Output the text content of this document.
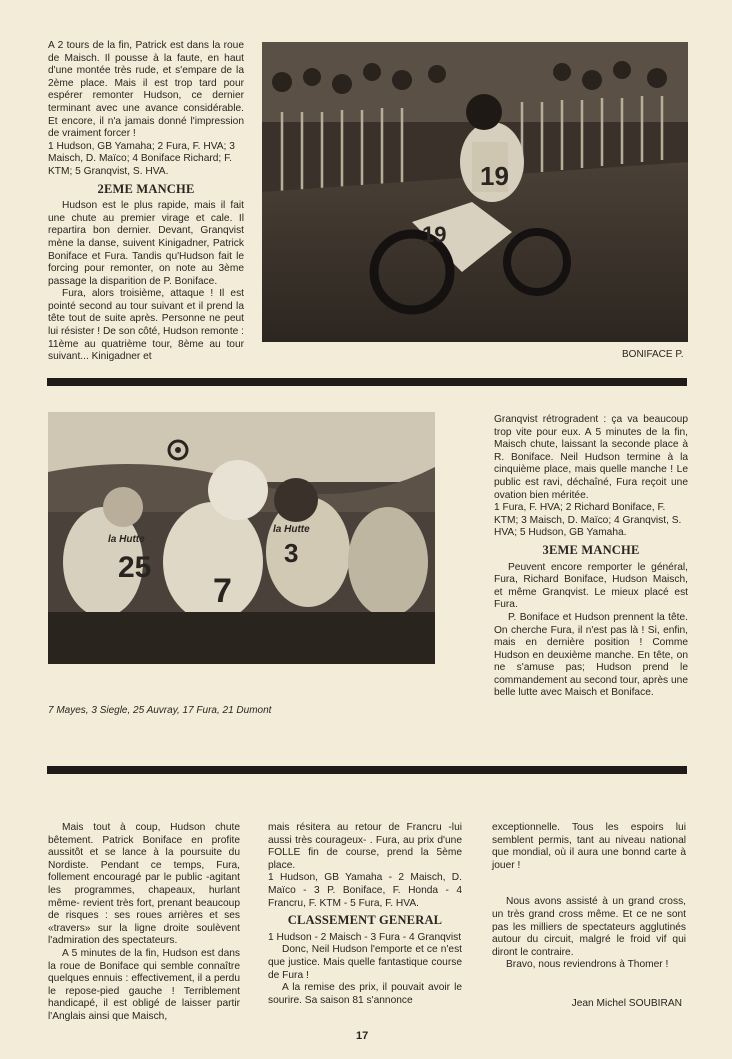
A 2 tours de la fin, Patrick est dans la roue de Maisch. Il pousse à la faute, en haut d'une montée très rude, et s'empare de la 2ème place. Mais il est trop tard pour espérer remonter Hudson, ce dernier terminant avec une avance considérable. Et encore, il n'a jamais donné l'impression de vraiment forcer !

1 Hudson, GB Yamaha; 2 Fura, F. HVA; 3 Maisch, D. Maïco; 4 Boniface Richard; F. KTM; 5 Granqvist, S. HVA.

2EME MANCHE

Hudson est le plus rapide, mais il fait une chute au premier virage et cale. Il repartira bon dernier. Devant, Granqvist mène la danse, suivent Kinigadner, Patrick Boniface et Fura. Tandis qu'Hudson fait le forcing pour remonter, on note au 3ème passage la disparition de P. Boniface.

Fura, alors troisième, attaque ! Il est pointé second au tour suivant et il prend la tête tout de suite après. Personne ne peut lui résister ! De son côté, Hudson remonte : 11ème au quatrième tour, 8ème au tour suivant... Kinigadner et

19
19
BONIFACE P.
25
7
3
la Hutte
la Hutte
7 Mayes, 3 Siegle, 25 Auvray, 17 Fura, 21 Dumont

Granqvist rétrogradent : ça va beaucoup trop vite pour eux. A 5 minutes de la fin, Maisch chute, laissant la seconde place à R. Boniface. Neil Hudson termine à la cinquième place, mais quelle manche ! Le public est ravi, déchaîné, Fura reçoit une ovation bien méritée.

1 Fura, F. HVA; 2 Richard Boniface, F. KTM; 3 Maisch, D. Maïco; 4 Granqvist, S. HVA; 5 Hudson, GB Yamaha.

3EME MANCHE

Peuvent encore remporter le général, Fura, Richard Boniface, Hudson Maisch, et même Granqvist. Le mieux placé est Fura.

P. Boniface et Hudson prennent la tête. On cherche Fura, il n'est pas là ! Si, enfin, mais en dernière position ! Comme Hudson en deuxième manche. En tête, on ne s'amuse pas; Hudson prend le commandement au second tour, après une belle lutte avec Maisch et Boniface.

Mais tout à coup, Hudson chute bêtement. Patrick Boniface en profite aussitôt et se lance à la poursuite du Nordiste. Pendant ce temps, Fura, follement encouragé par le public -agitant les programmes, chapeaux, hurlant même- revient très fort, prenant beaucoup de risques : ses roues arrières et ses «travers» sur la ligne droite soulèvent l'admiration des spectateurs.

A 5 minutes de la fin, Hudson est dans la roue de Boniface qui semble connaître quelques ennuis : effectivement, il a perdu le repose-pied gauche ! Terriblement handicapé, il est obligé de laisser partir l'Anglais ainsi que Maisch,

mais résitera au retour de Francru -lui aussi très courageux- . Fura, au prix d'une FOLLE fin de course, prend la 5ème place.

1 Hudson, GB Yamaha - 2 Maisch, D. Maïco - 3 P. Boniface, F. Honda - 4 Francru, F. KTM - 5 Fura, F. HVA.

CLASSEMENT GENERAL

1 Hudson - 2 Maisch - 3 Fura - 4 Granqvist

Donc, Neil Hudson l'emporte et ce n'est que justice. Mais quelle fantastique course de Fura !

A la remise des prix, il pouvait avoir le sourire. Sa saison 81 s'annonce

exceptionnelle. Tous les espoirs lui semblent permis, tant au niveau national que mondial, où il aura une bonnd carte à jouer !

Nous avons assisté à un grand cross, un très grand cross même. Et ce ne sont pas les milliers de spectateurs agglutinés autour du circuit, malgré le froid vif qui diront le contraire.

Bravo, nous reviendrons à Thomer !

Jean Michel SOUBIRAN

17
